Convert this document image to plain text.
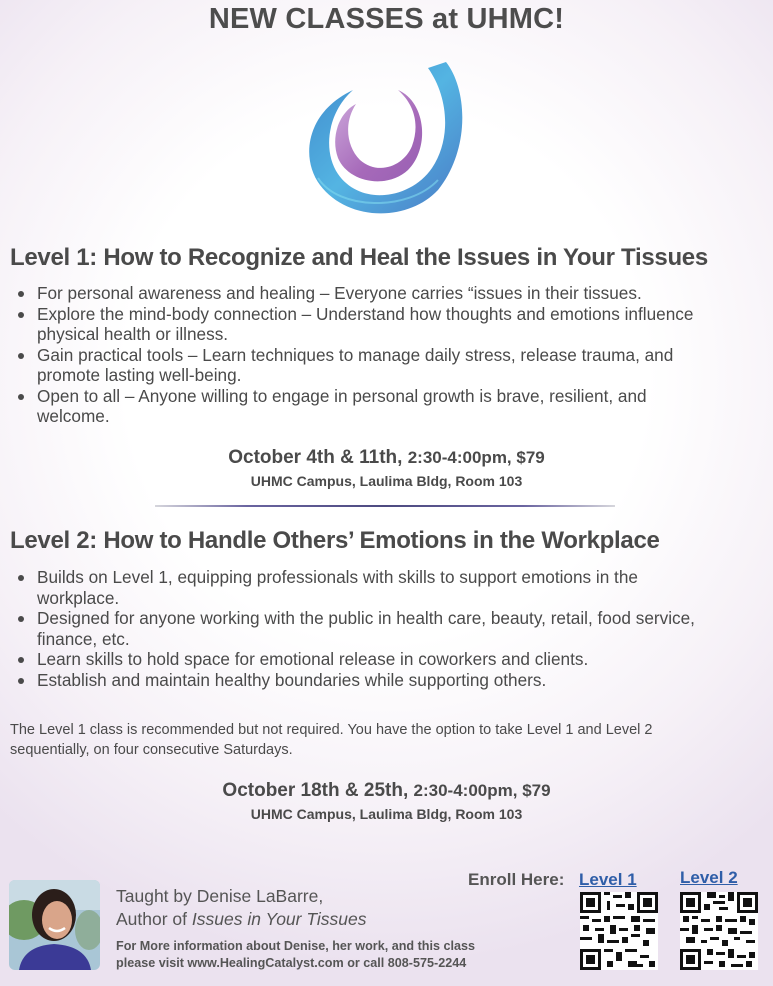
NEW CLASSES at UHMC!
Level 1: How to Recognize and Heal the Issues in Your Tissues
For personal awareness and healing – Everyone carries “issues in their tissues.
Explore the mind-body connection – Understand how thoughts and emotions influence
physical health or illness.
Gain practical tools – Learn techniques to manage daily stress, release trauma, and
promote lasting well-being.
Open to all – Anyone willing to engage in personal growth is brave, resilient, and
welcome.
October 4th & 11th, 2:30-4:00pm, $79
UHMC Campus, Laulima Bldg, Room 103
Level 2: How to Handle Others’ Emotions in the Workplace
Builds on Level 1, equipping professionals with skills to support emotions in the
workplace.
Designed for anyone working with the public in health care, beauty, retail, food service,
finance, etc.
Learn skills to hold space for emotional release in coworkers and clients.
Establish and maintain healthy boundaries while supporting others.
The Level 1 class is recommended but not required. You have the option to take Level 1 and Level 2
sequentially, on four consecutive Saturdays.
October 18th & 25th, 2:30-4:00pm, $79
UHMC Campus, Laulima Bldg, Room 103
Taught by Denise LaBarre,
Author of Issues in Your Tissues
For More information about Denise, her work, and this class
please visit www.HealingCatalyst.com or call 808-575-2244
Enroll Here: Level 1	Level 2
